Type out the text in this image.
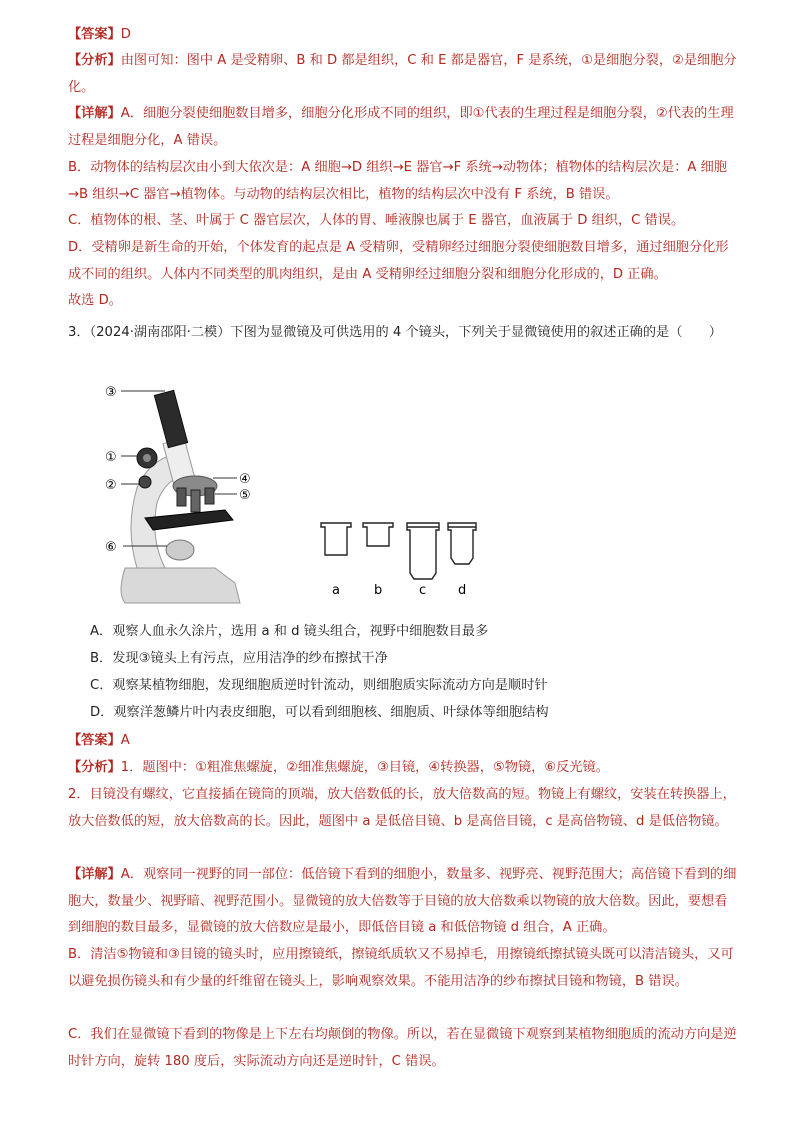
【答案】D
【分析】由图可知：图中 A 是受精卵、B 和 D 都是组织，C 和 E 都是器官，F 是系统，①是细胞分裂，②是细胞分化。
【详解】A．细胞分裂使细胞数目增多，细胞分化形成不同的组织，即①代表的生理过程是细胞分裂，②代表的生理过程是细胞分化，A 错误。
B．动物体的结构层次由小到大依次是：A 细胞→D 组织→E 器官→F 系统→动物体；植物体的结构层次是：A 细胞→B 组织→C 器官→植物体。与动物的结构层次相比，植物的结构层次中没有 F 系统，B 错误。
C．植物体的根、茎、叶属于 C 器官层次，人体的胃、唾液腺也属于 E 器官，血液属于 D 组织，C 错误。
D．受精卵是新生命的开始，个体发育的起点是 A 受精卵，受精卵经过细胞分裂使细胞数目增多，通过细胞分化形成不同的组织。人体内不同类型的肌肉组织，是由 A 受精卵经过细胞分裂和细胞分化形成的，D 正确。
故选 D。
3．（2024·湖南邵阳·二模）下图为显微镜及可供选用的 4 个镜头，下列关于显微镜使用的叙述正确的是（　　）
③
①
②	④
⑤
⑥
a	b	c d
A．观察人血永久涂片，选用 a 和 d 镜头组合，视野中细胞数目最多
B．发现③镜头上有污点，应用洁净的纱布擦拭干净
C．观察某植物细胞，发现细胞质逆时针流动，则细胞质实际流动方向是顺时针
D．观察洋葱鳞片叶内表皮细胞，可以看到细胞核、细胞质、叶绿体等细胞结构
【答案】A
【分析】1．题图中：①粗准焦螺旋，②细准焦螺旋，③目镜，④转换器，⑤物镜，⑥反光镜。
2．目镜没有螺纹，它直接插在镜筒的顶端，放大倍数低的长，放大倍数高的短。物镜上有螺纹，安装在转换器上，放大倍数低的短，放大倍数高的长。因此，题图中 a 是低倍目镜、b 是高倍目镜，c 是高倍物镜、d 是低倍物镜。
【详解】A．观察同一视野的同一部位：低倍镜下看到的细胞小，数量多、视野亮、视野范围大；高倍镜下看到的细胞大，数量少、视野暗、视野范围小。显微镜的放大倍数等于目镜的放大倍数乘以物镜的放大倍数。因此，要想看到细胞的数目最多，显微镜的放大倍数应是最小，即低倍目镜 a 和低倍物镜 d 组合，A 正确。
B．清洁⑤物镜和③目镜的镜头时，应用擦镜纸，擦镜纸质软又不易掉毛，用擦镜纸擦拭镜头既可以清洁镜头，又可以避免损伤镜头和有少量的纤维留在镜头上，影响观察效果。不能用洁净的纱布擦拭目镜和物镜，B 错误。
C．我们在显微镜下看到的物像是上下左右均颠倒的物像。所以，若在显微镜下观察到某植物细胞质的流动方向是逆时针方向，旋转 180 度后，实际流动方向还是逆时针，C 错误。
